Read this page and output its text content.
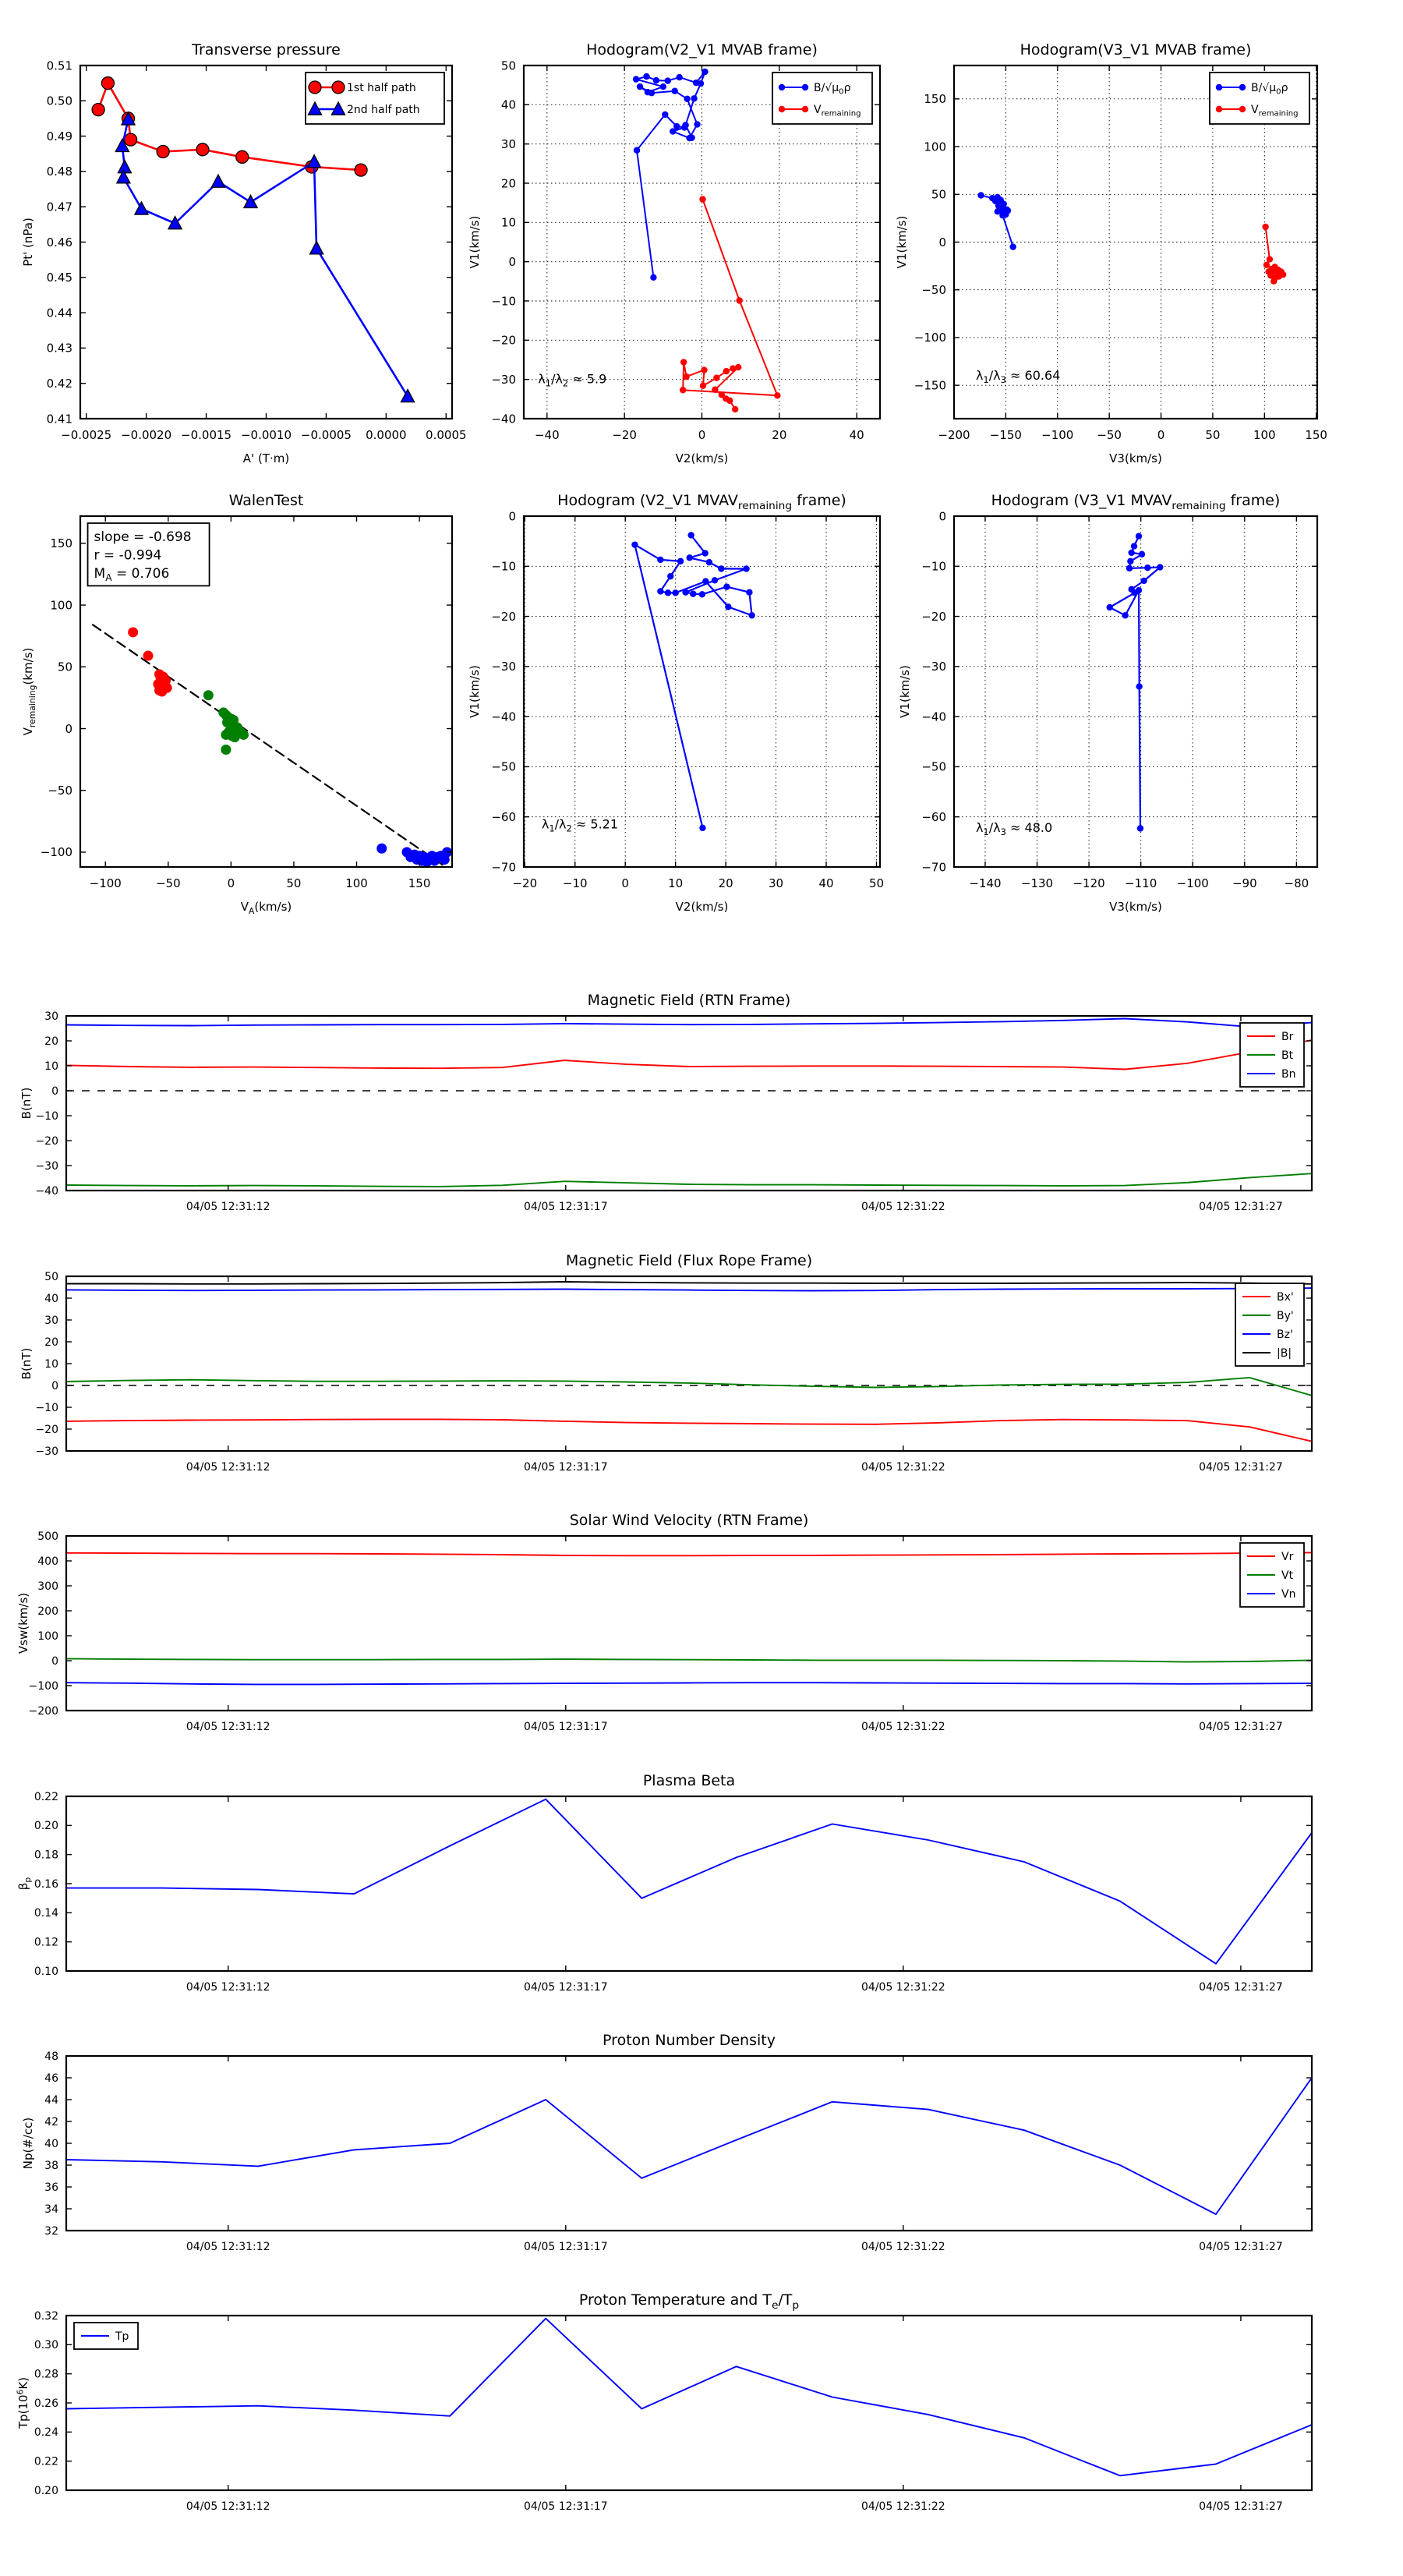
−0.0025 −0.0020 −0.0015 −0.0010 −0.0005 0.0000 0.0005
0.41
0.42
0.43
0.44
0.45
0.46
0.47
0.48
0.49
0.50
0.51
Transverse pressure
A' (T·m)
Pt' (nPa)
1st half path
2nd half path
−40	−20	0	20	40
−40
−30
−20
−10
0
10
20
30
40
50
Hodogram(V2_V1 MVAB frame)
V2(km/s)
V1(km/s)
$B/√\mu_0\rho$
$V_{remaining}$
$\lambda_1/\lambda_2 \approx 5.9$
−200 −150 −100 −50	0	50	100	150
−150
−100
−50
0
50
100
150
Hodogram(V3_V1 MVAB frame)
V3(km/s)
V1(km/s)
$B/√\mu_0\rho$
$V_{remaining}$
$\lambda_1/\lambda_3 \approx 60.64$
−100	−50	0	50	100	150
−100
−50
0
50
100
150
WalenTest
$V_A(km/s)$
$V_{remaining}(km/s)$
slope = -0.698
r = -0.994
$M_A = 0.706$
−20 −10	0	10	20	30	40	50
−70
−60
−50
−40
−30
−20
−10
0
Hodogram (V2_V1 $MVAV_{remaining}$ frame)
V2(km/s)
V1(km/s)
$\lambda_1/\lambda_2 \approx 5.21$
−140 −130 −120 −110 −100 −90 −80
−70
−60
−50
−40
−30
−20
−10
0
Hodogram (V3_V1 $MVAV_{remaining}$ frame)
V3(km/s)
V1(km/s)
$\lambda_1/\lambda_3 \approx 48.0$
04/05 12:31:12	04/05 12:31:17	04/05 12:31:22	04/05 12:31:27
−40
−30
−20
−10
0
10
20
30
Magnetic Field (RTN Frame)
B(nT)
Br
Bt
Bn
04/05 12:31:12	04/05 12:31:17	04/05 12:31:22	04/05 12:31:27
−30
−20
−10
0
10
20
30
40
50
Magnetic Field (Flux Rope Frame)
B(nT)
Bx'
By'
Bz'
|B|
04/05 12:31:12	04/05 12:31:17	04/05 12:31:22	04/05 12:31:27
−200
−100
0
100
200
300
400
500
Solar Wind Velocity (RTN Frame)
Vsw(km/s)
Vr
Vt
Vn
04/05 12:31:12	04/05 12:31:17	04/05 12:31:22	04/05 12:31:27
0.10
0.12
0.14
0.16
0.18
0.20
0.22
Plasma Beta
$\beta_p$
04/05 12:31:12	04/05 12:31:17	04/05 12:31:22	04/05 12:31:27
32
34
36
38
40
42
44
46
48
Proton Number Density
Np(#/cc)
04/05 12:31:12	04/05 12:31:17	04/05 12:31:22	04/05 12:31:27
0.20
0.22
0.24
0.26
0.28
0.30
0.32
Proton Temperature and $T_e/T_p$
$Tp(10^6K)$
Tp
